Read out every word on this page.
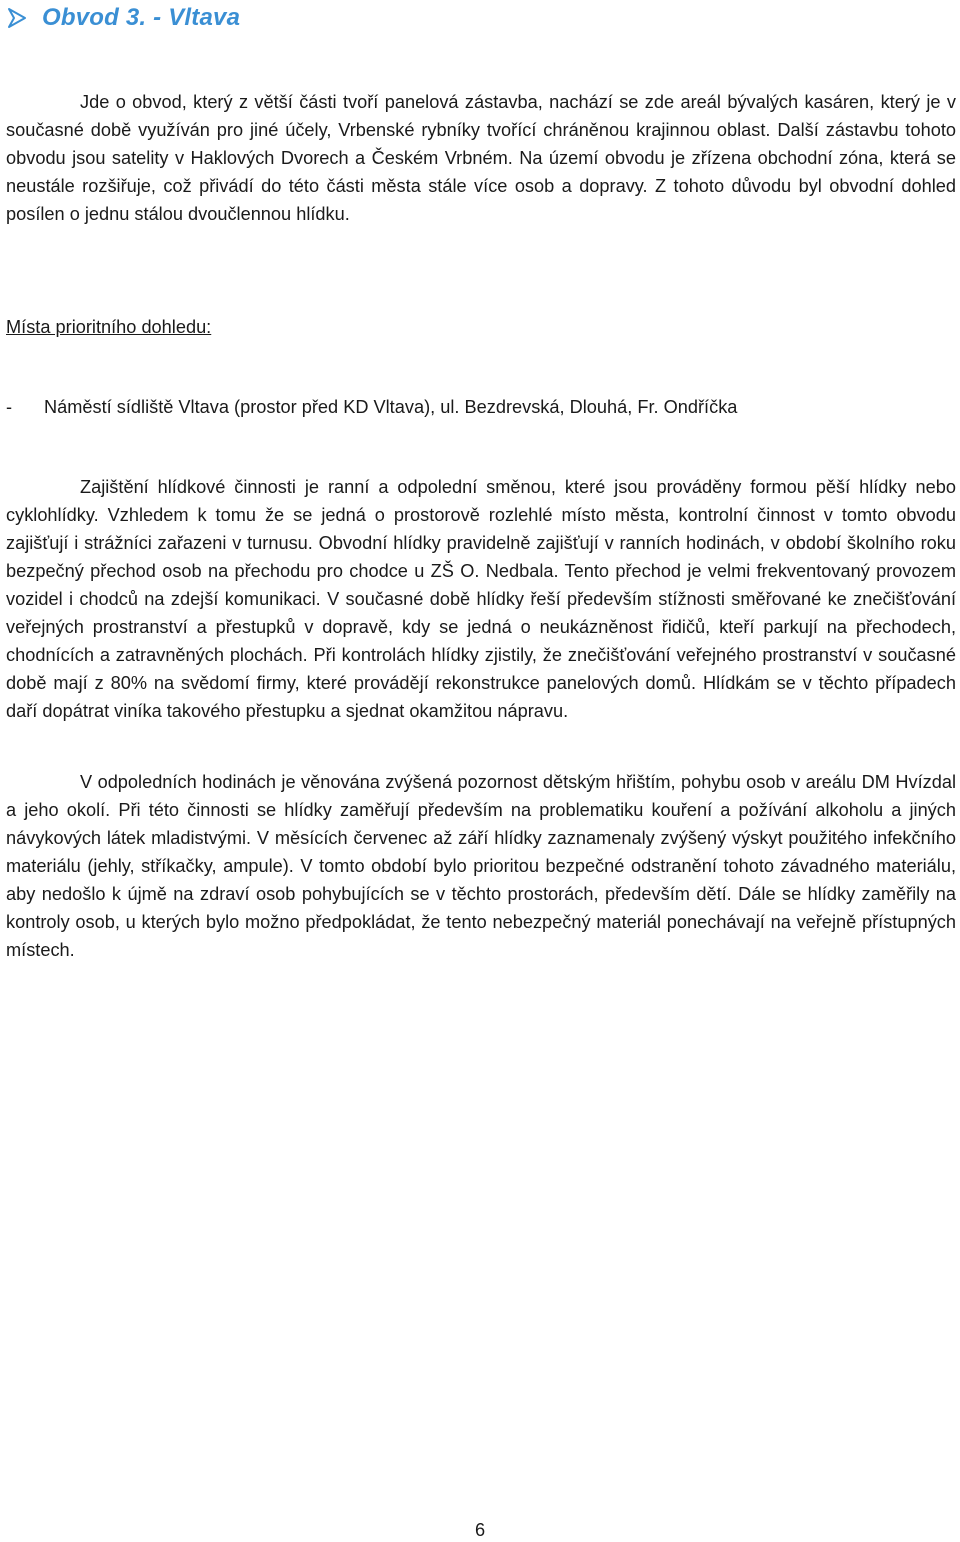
Obvod 3. - Vltava

Jde o obvod, který z větší části tvoří panelová zástavba, nachází se zde areál bývalých kasáren, který je v současné době využíván pro jiné účely, Vrbenské rybníky tvořící chráněnou krajinnou oblast. Další zástavbu tohoto obvodu jsou satelity v Haklových Dvorech a Českém Vrbném. Na území obvodu je zřízena obchodní zóna, která se neustále rozšiřuje, což přivádí do této části města stále více osob a dopravy. Z tohoto důvodu byl obvodní dohled posílen o jednu stálou dvoučlennou hlídku.

Místa prioritního dohledu:

-	Náměstí sídliště Vltava (prostor před KD Vltava), ul. Bezdrevská, Dlouhá, Fr. Ondříčka

Zajištění hlídkové činnosti je ranní a odpolední směnou, které jsou prováděny formou pěší hlídky nebo cyklohlídky. Vzhledem k tomu že se jedná o prostorově rozlehlé místo města, kontrolní činnost v tomto obvodu zajišťují i strážníci zařazeni v turnusu. Obvodní hlídky pravidelně zajišťují v ranních hodinách, v období školního roku bezpečný přechod osob na přechodu pro chodce u ZŠ O. Nedbala. Tento přechod je velmi frekventovaný provozem vozidel i chodců na zdejší komunikaci. V současné době hlídky řeší především stížnosti směřované ke znečišťování veřejných prostranství a přestupků v dopravě, kdy se jedná o neukázněnost řidičů, kteří parkují na přechodech, chodnících a zatravněných plochách. Při kontrolách hlídky zjistily, že znečišťování veřejného prostranství v současné době mají z 80% na svědomí firmy, které provádějí rekonstrukce panelových domů. Hlídkám se v těchto případech daří dopátrat viníka takového přestupku a sjednat okamžitou nápravu.

V odpoledních hodinách je věnována zvýšená pozornost dětským hřištím, pohybu osob v areálu DM Hvízdal a jeho okolí. Při této činnosti se hlídky zaměřují především na problematiku kouření a požívání alkoholu a jiných návykových látek mladistvými. V měsících červenec až září hlídky zaznamenaly zvýšený výskyt použitého infekčního materiálu (jehly, stříkačky, ampule). V tomto období bylo prioritou bezpečné odstranění tohoto závadného materiálu, aby nedošlo k újmě na zdraví osob pohybujících se v těchto prostorách, především dětí. Dále se hlídky zaměřily na kontroly osob, u kterých bylo možno předpokládat, že tento nebezpečný materiál ponechávají na veřejně přístupných místech.

6
